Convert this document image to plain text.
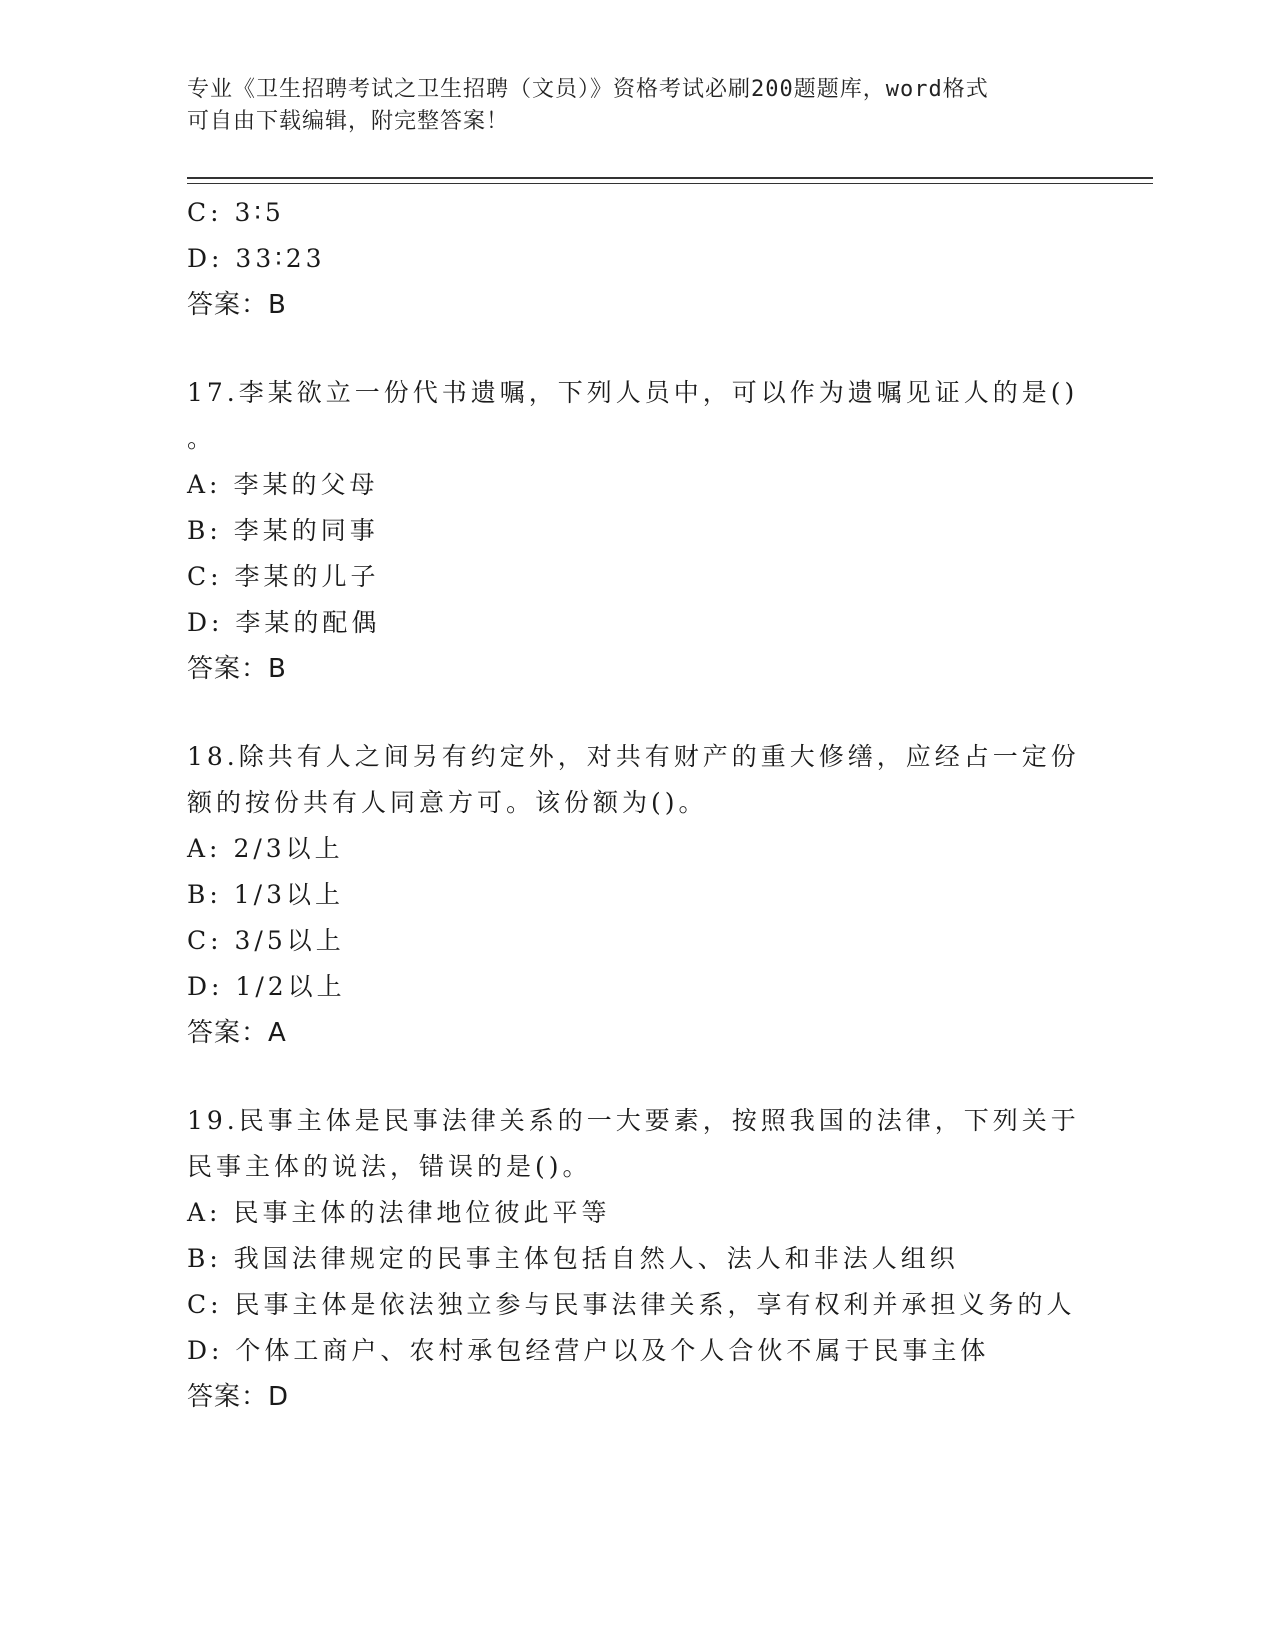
专业《卫生招聘考试之卫生招聘（文员）》资格考试必刷200题题库，word格式
可自由下载编辑，附完整答案！
C: 3∶5
D: 33∶23
答案：B
17.李某欲立一份代书遗嘱，下列人员中，可以作为遗嘱见证人的是()
。
A: 李某的父母
B: 李某的同事
C: 李某的儿子
D: 李某的配偶
答案：B
18.除共有人之间另有约定外，对共有财产的重大修缮，应经占一定份
额的按份共有人同意方可。该份额为()。
A: 2/3以上
B: 1/3以上
C: 3/5以上
D: 1/2以上
答案：A
19.民事主体是民事法律关系的一大要素，按照我国的法律，下列关于
民事主体的说法，错误的是()。
A: 民事主体的法律地位彼此平等
B: 我国法律规定的民事主体包括自然人、法人和非法人组织
C: 民事主体是依法独立参与民事法律关系，享有权利并承担义务的人
D: 个体工商户、农村承包经营户以及个人合伙不属于民事主体
答案：D
